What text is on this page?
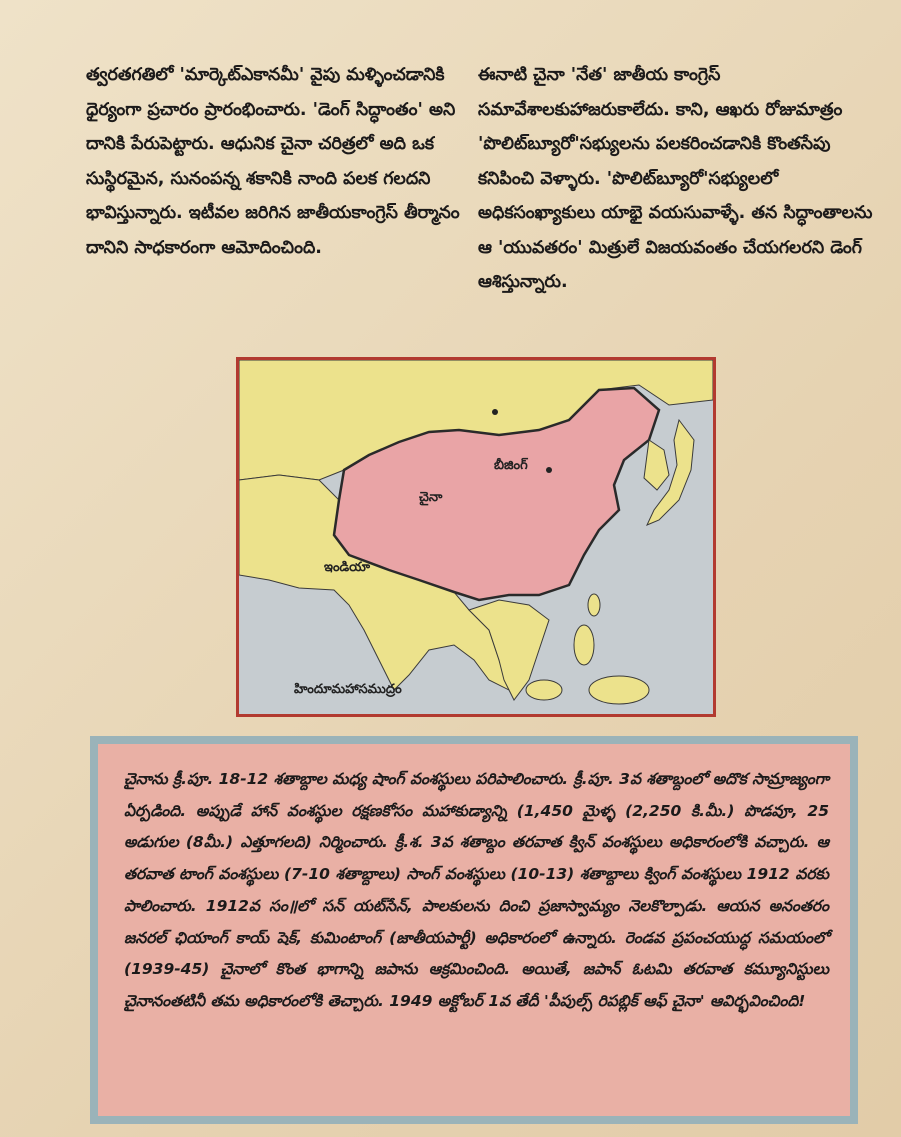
త్వరతగతిలో 'మార్కెట్ఎకానమీ' వైపు మళ్ళించడానికి ధైర్యంగా ప్రచారం ప్రారంభించారు. 'డెంగ్ సిద్ధాంతం' అని దానికి పేరుపెట్టారు. ఆధునిక చైనా చరిత్రలో అది ఒక సుస్థిరమైన, సునంపన్న శకానికి నాంది పలక గలదని భావిస్తున్నారు. ఇటీవల జరిగిన జాతీయకాంగ్రెస్ తీర్మానం దానిని సాధకారంగా ఆమోదించింది.

ఈనాటి చైనా 'నేత' జాతీయ కాంగ్రెస్ సమావేశాలకుహాజరుకాలేదు. కాని, ఆఖరు రోజుమాత్రం 'పొలిట్‌బ్యూరో'సభ్యులను పలకరించడానికి కొంతసేపు కనిపించి వెళ్ళారు. 'పొలిట్‌బ్యూరో'సభ్యులలో అధికసంఖ్యాకులు యాభై వయసువాళ్ళే. తన సిద్ధాంతాలను ఆ 'యువతరం' మిత్రులే విజయవంతం చేయగలరని డెంగ్ ఆశిస్తున్నారు.

బీజింగ్
చైనా
ఇండియా
హిందూమహాసముద్రం

చైనాను క్రీ.పూ. 18-12 శతాబ్దాల మధ్య షాంగ్ వంశస్థులు పరిపాలించారు. క్రీ.పూ. 3వ శతాబ్దంలో అదొక సామ్రాజ్యంగా ఏర్పడింది. అప్పుడే హాన్ వంశస్థుల రక్షణకోసం మహాకుడ్యాన్ని (1,450 మైళ్ళ (2,250 కి.మీ.) పొడవూ, 25 అడుగుల (8మీ.) ఎత్తూగలది) నిర్మించారు. క్రీ.శ. 3వ శతాబ్దం తరవాత క్విన్ వంశస్థులు అధికారంలోకి వచ్చారు. ఆ తరవాత టాంగ్ వంశస్థులు (7-10 శతాబ్దాలు) సాంగ్ వంశస్థులు (10-13) శతాబ్దాలు క్వింగ్ వంశస్థులు 1912 వరకు పాలించారు. 1912వ సం॥లో సన్ యట్‌సేన్, పాలకులను దించి ప్రజాస్వామ్యం నెలకొల్పాడు. ఆయన అనంతరం జనరల్ ఛియాంగ్ కాయ్ షెక్, కుమింటాంగ్ (జాతీయపార్టీ) అధికారంలో ఉన్నారు. రెండవ ప్రపంచయుద్ధ సమయంలో (1939-45) చైనాలో కొంత భాగాన్ని జపాను ఆక్రమించింది. అయితే, జపాన్ ఓటమి తరవాత కమ్యూనిస్టులు చైనానంతటినీ తమ అధికారంలోకి తెచ్చారు. 1949 అక్టోబర్ 1వ తేదీ 'పీపుల్స్ రిపబ్లిక్ ఆఫ్ చైనా' ఆవిర్భవించింది!
